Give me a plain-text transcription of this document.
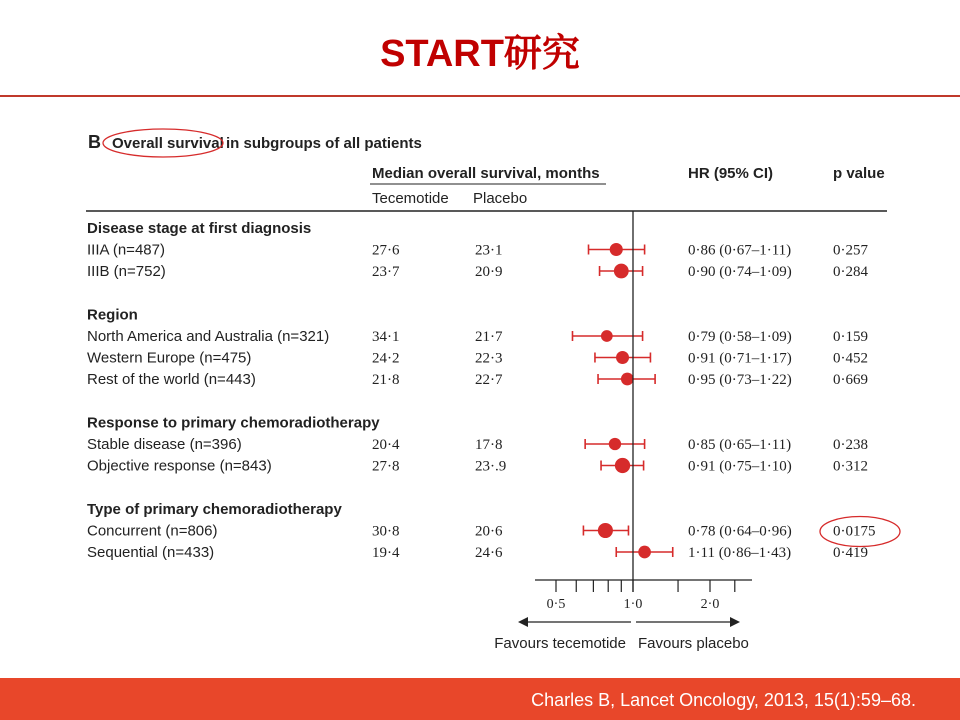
START研究
B Overall survival in subgroups of all patients
Median overall survival, months
Tecemotide Placebo
HR (95% CI)	p value
Disease stage at first diagnosis
IIIA (n=487)	27·6	23·1	0·86 (0·67–1·11)	0·257
IIIB (n=752)	23·7	20·9	0·90 (0·74–1·09)	0·284
Region
North America and Australia (n=321)	34·1	21·7	0·79 (0·58–1·09)	0·159
Western Europe (n=475)	24·2	22·3	0·91 (0·71–1·17)	0·452
Rest of the world (n=443)	21·8	22·7	0·95 (0·73–1·22)	0·669
Response to primary chemoradiotherapy
Stable disease (n=396)	20·4	17·8	0·85 (0·65–1·11)	0·238
Objective response (n=843)	27·8	23·.9	0·91 (0·75–1·10)	0·312
Type of primary chemoradiotherapy
Concurrent (n=806)	30·8	20·6	0·78 (0·64–0·96)	0·0175
Sequential (n=433)	19·4	24·6	1·11 (0·86–1·43)	0·419
0·5	1·0	2·0
Favours tecemotide Favours placebo
Charles B, Lancet Oncology, 2013, 15(1):59–68.
